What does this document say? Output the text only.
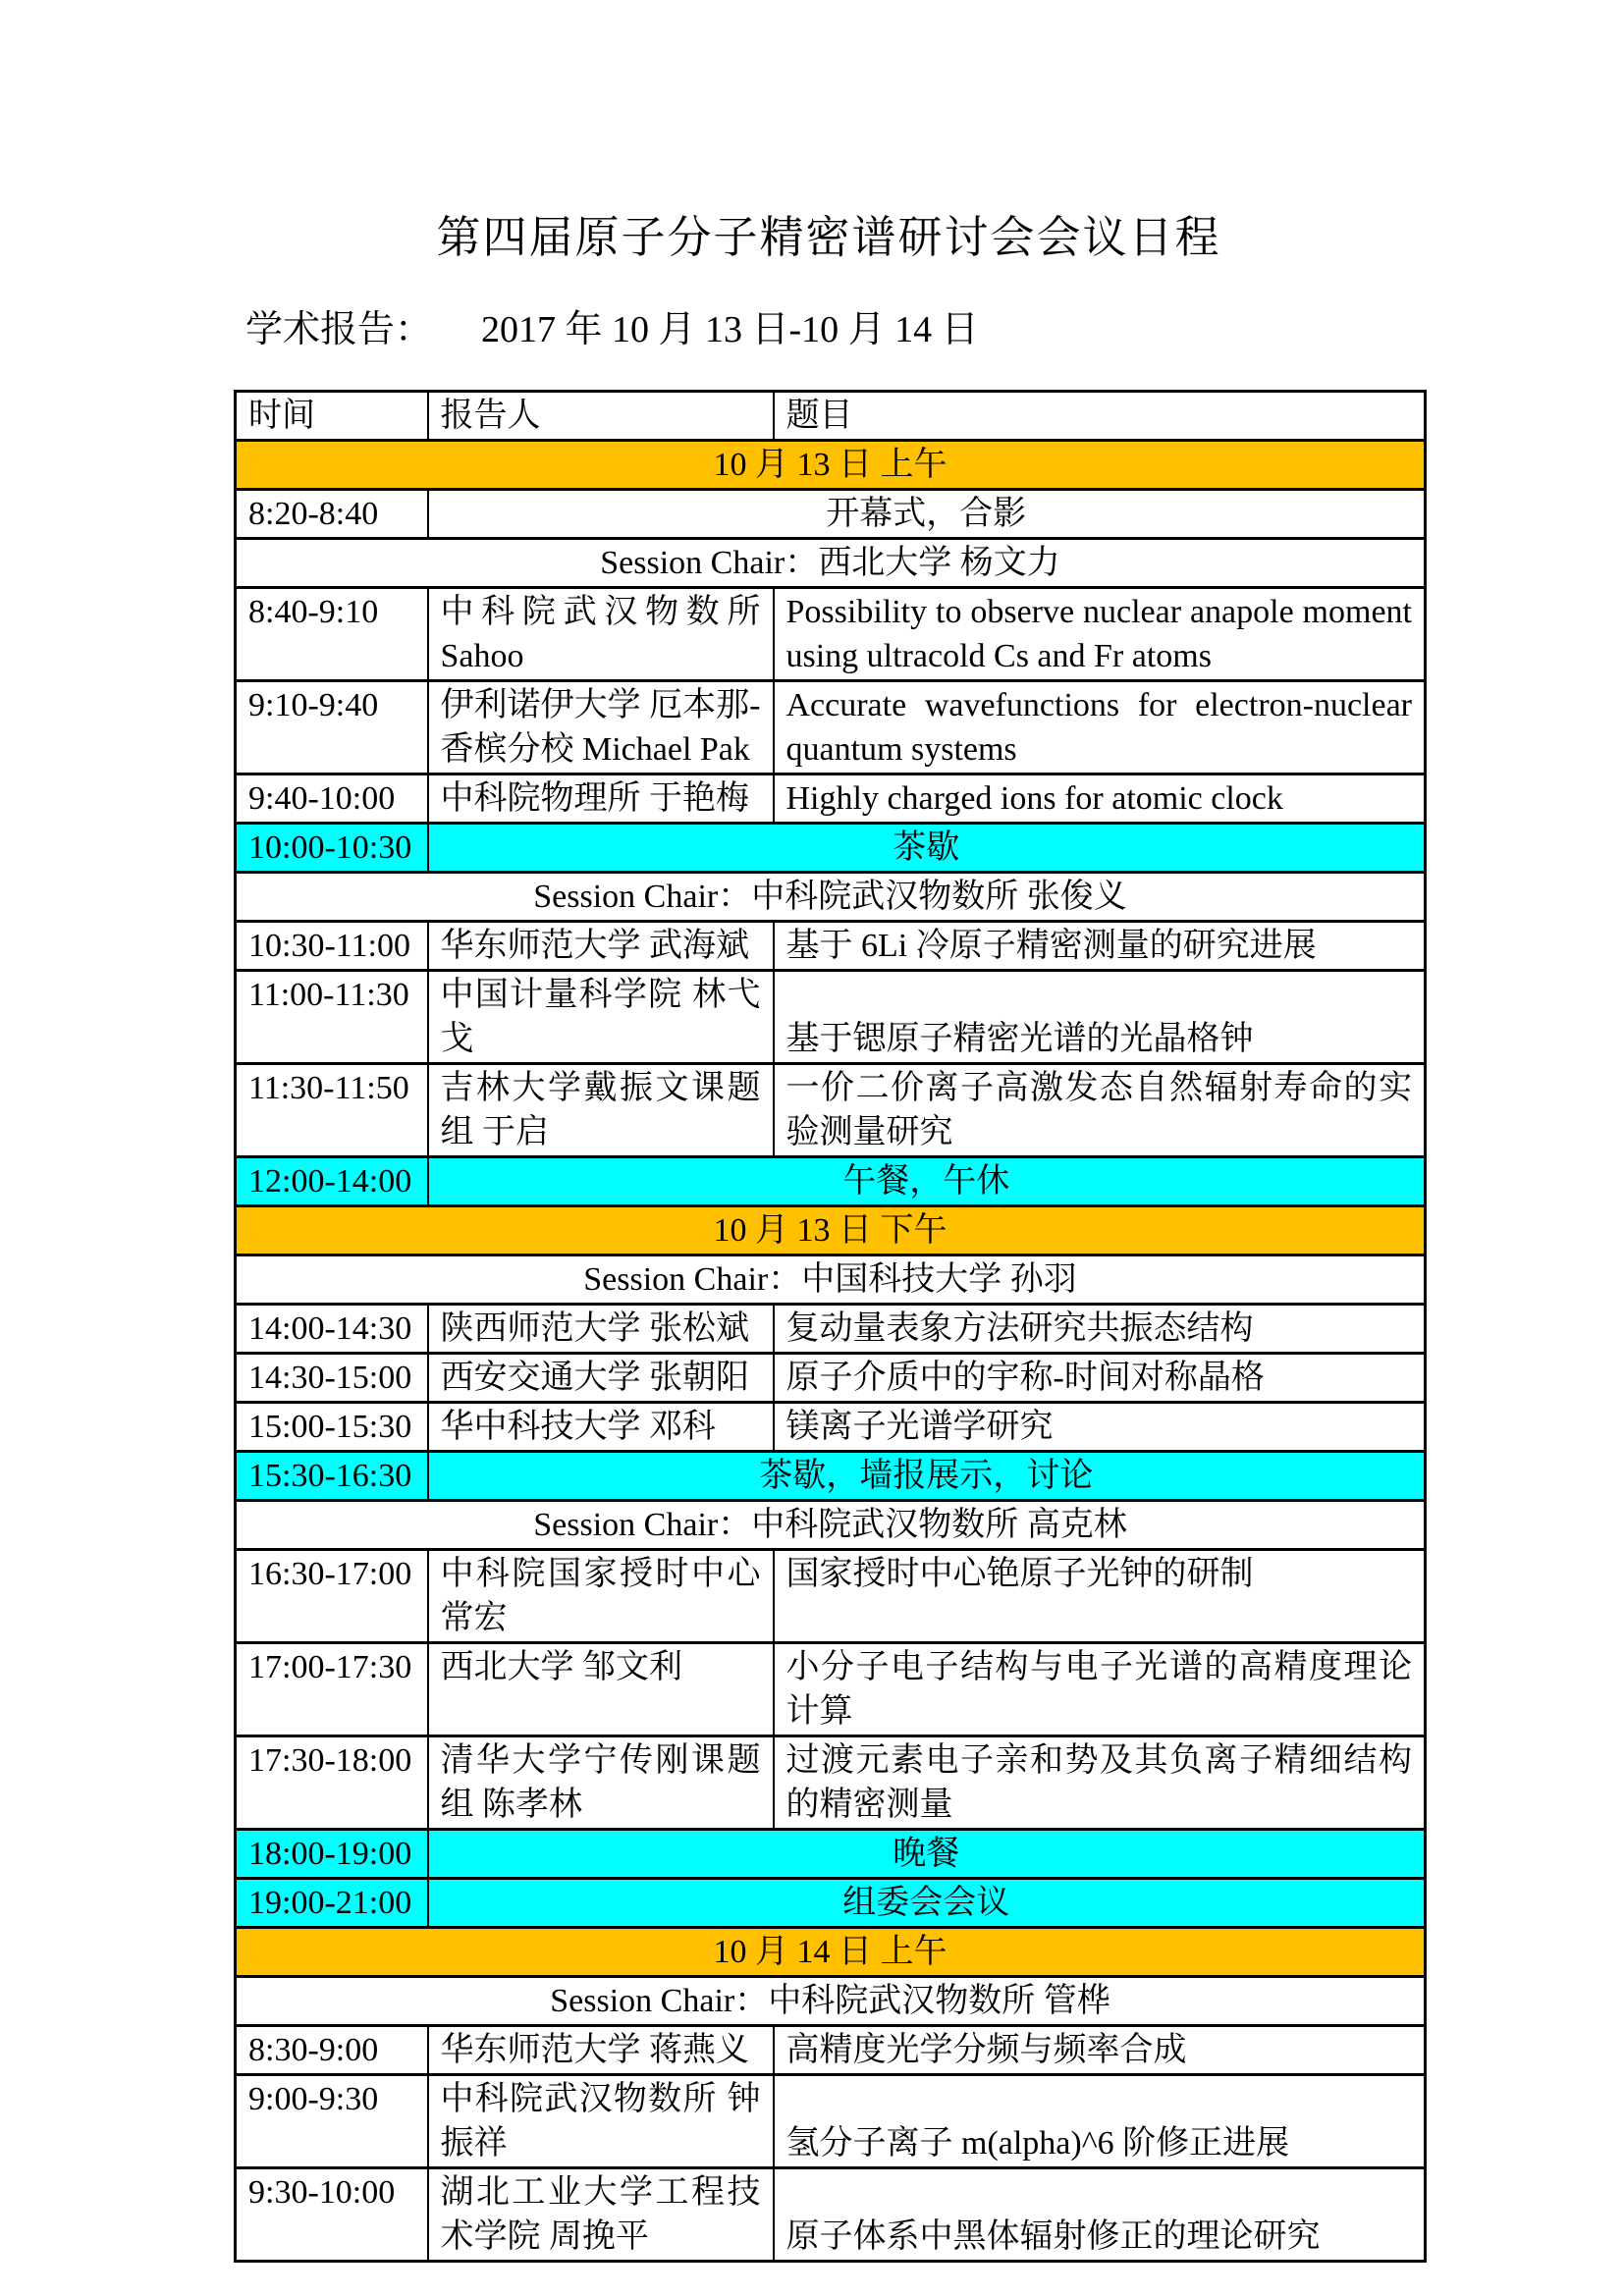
第四届原子分子精密谱研讨会会议日程
学术报告： 2017 年 10 月 13 日-10 月 14 日
时间	报告人	题目
10 月 13 日 上午		
8:20-8:40	开幕式，合影	
Session Chair：西北大学 杨文力		
8:40-9:10	中科院武汉物数所 Sahoo	Possibility to observe nuclear anapole moment using ultracold Cs and Fr atoms
9:10-9:40	伊利诺伊大学 厄本那-香槟分校 Michael Pak	Accurate wavefunctions for electron-nuclear quantum systems
9:40-10:00	中科院物理所 于艳梅	Highly charged ions for atomic clock
10:00-10:30	茶歇	
Session Chair：中科院武汉物数所 张俊义		
10:30-11:00	华东师范大学 武海斌	基于 6Li 冷原子精密测量的研究进展
11:00-11:30	中国计量科学院 林弋戈	基于锶原子精密光谱的光晶格钟
11:30-11:50	吉林大学戴振文课题组 于启	一价二价离子高激发态自然辐射寿命的实验测量研究
12:00-14:00	午餐，午休	
10 月 13 日 下午		
Session Chair：中国科技大学 孙羽		
14:00-14:30	陕西师范大学 张松斌	复动量表象方法研究共振态结构
14:30-15:00	西安交通大学 张朝阳	原子介质中的宇称-时间对称晶格
15:00-15:30	华中科技大学 邓科	镁离子光谱学研究
15:30-16:30	茶歇，墙报展示，讨论	
Session Chair：中科院武汉物数所 高克林		
16:30-17:00	中科院国家授时中心 常宏	国家授时中心铯原子光钟的研制
17:00-17:30	西北大学 邹文利	小分子电子结构与电子光谱的高精度理论计算
17:30-18:00	清华大学宁传刚课题组 陈孝林	过渡元素电子亲和势及其负离子精细结构的精密测量
18:00-19:00	晚餐	
19:00-21:00	组委会会议	
10 月 14 日 上午		
Session Chair：中科院武汉物数所 管桦		
8:30-9:00	华东师范大学 蒋燕义	高精度光学分频与频率合成
9:00-9:30	中科院武汉物数所 钟振祥	氢分子离子 m(alpha)^6 阶修正进展
9:30-10:00	湖北工业大学工程技术学院 周挽平	原子体系中黑体辐射修正的理论研究
